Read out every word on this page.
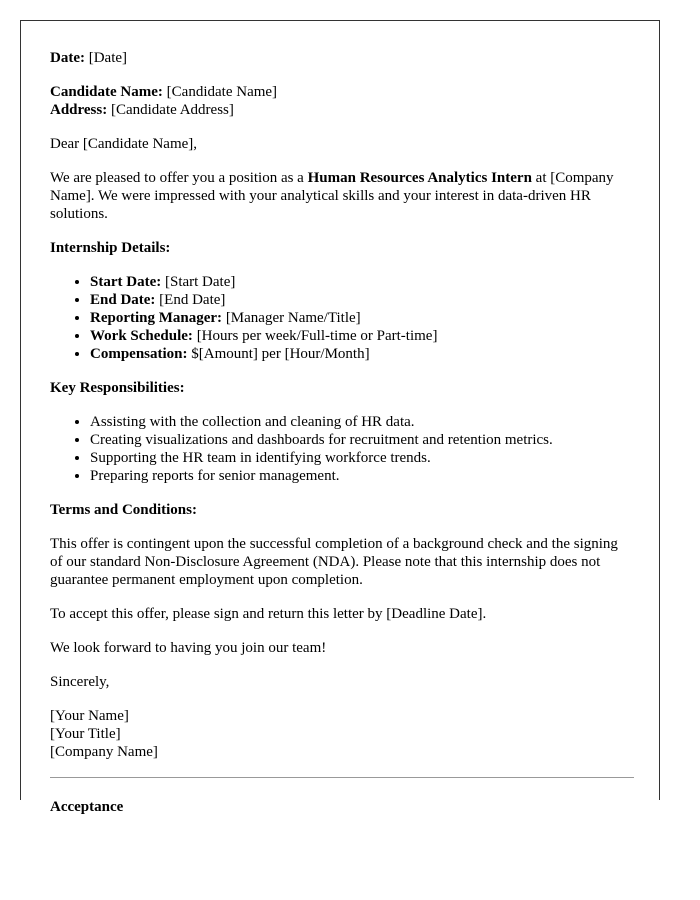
Date: [Date]

Candidate Name: [Candidate Name]
Address: [Candidate Address]

Dear [Candidate Name],

We are pleased to offer you a position as a Human Resources Analytics Intern at [Company Name]. We were impressed with your analytical skills and your interest in data-driven HR solutions.

Internship Details:
• Start Date: [Start Date]
• End Date: [End Date]
• Reporting Manager: [Manager Name/Title]
• Work Schedule: [Hours per week/Full-time or Part-time]
• Compensation: $[Amount] per [Hour/Month]
Key Responsibilities:
• Assisting with the collection and cleaning of HR data.
• Creating visualizations and dashboards for recruitment and retention metrics.
• Supporting the HR team in identifying workforce trends.
• Preparing reports for senior management.
Terms and Conditions:

This offer is contingent upon the successful completion of a background check and the signing of our standard Non-Disclosure Agreement (NDA). Please note that this internship does not guarantee permanent employment upon completion.

To accept this offer, please sign and return this letter by [Deadline Date].

We look forward to having you join our team!

Sincerely,

[Your Name]
[Your Title]
[Company Name]

Acceptance
